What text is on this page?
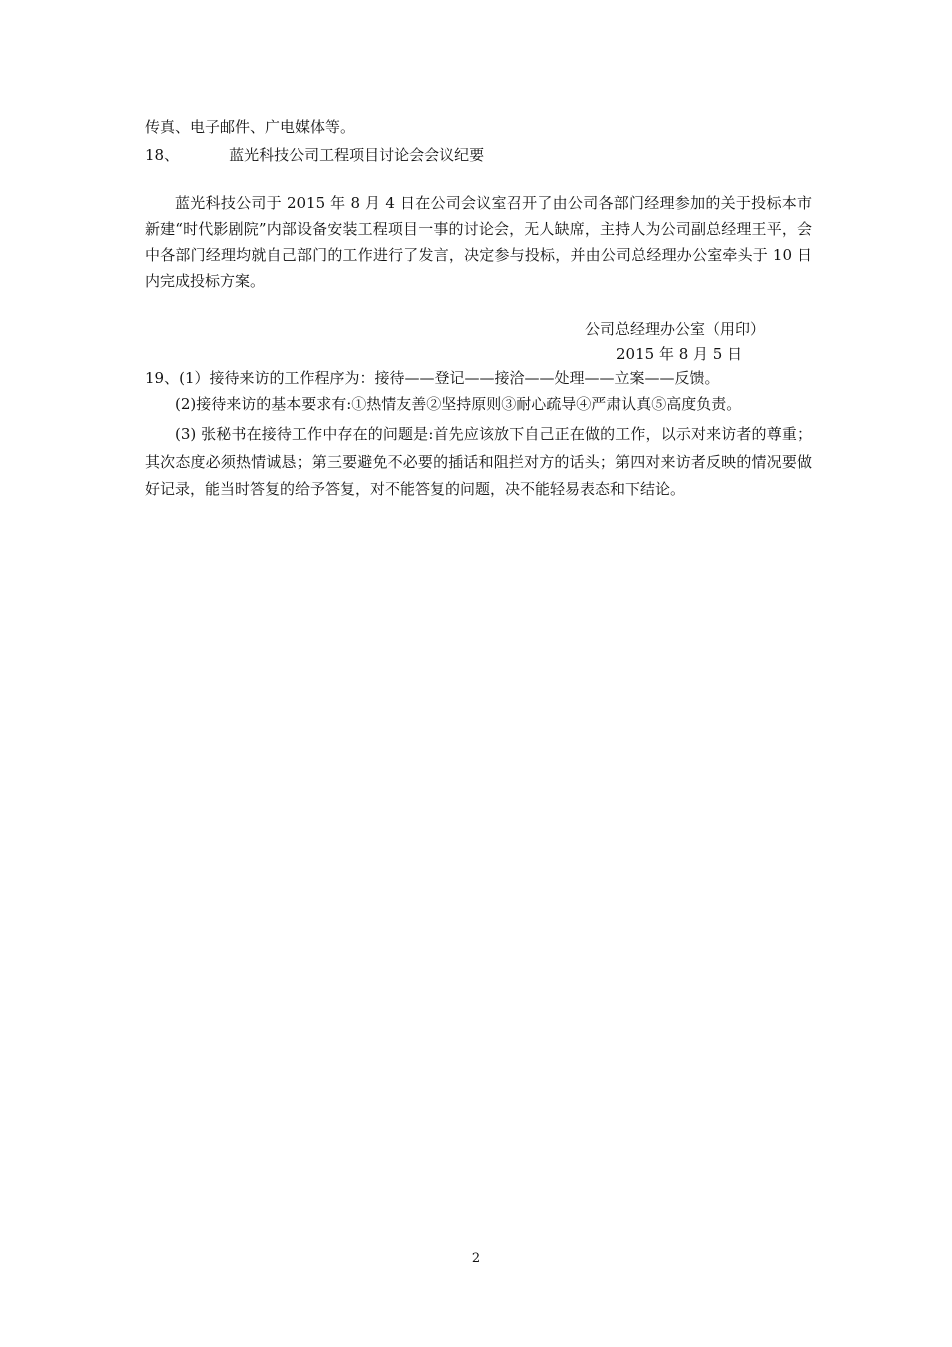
传真、电子邮件、广电媒体等。
18、	蓝光科技公司工程项目讨论会会议纪要
蓝光科技公司于 2015 年 8 月 4 日在公司会议室召开了由公司各部门经理参加的关于投标本市新建“时代影剧院”内部设备安装工程项目一事的讨论会，无人缺席，主持人为公司副总经理王平，会中各部门经理均就自己部门的工作进行了发言，决定参与投标，并由公司总经理办公室牵头于 10 日内完成投标方案。
公司总经理办公室（用印）
2015 年 8 月 5 日
19、(1）接待来访的工作程序为：接待——登记——接洽——处理——立案——反馈。
(2)接待来访的基本要求有:①热情友善②坚持原则③耐心疏导④严肃认真⑤高度负责。
(3) 张秘书在接待工作中存在的问题是:首先应该放下自己正在做的工作，以示对来访者的尊重；其次态度必须热情诚恳；第三要避免不必要的插话和阻拦对方的话头；第四对来访者反映的情况要做好记录，能当时答复的给予答复，对不能答复的问题，决不能轻易表态和下结论。
2
